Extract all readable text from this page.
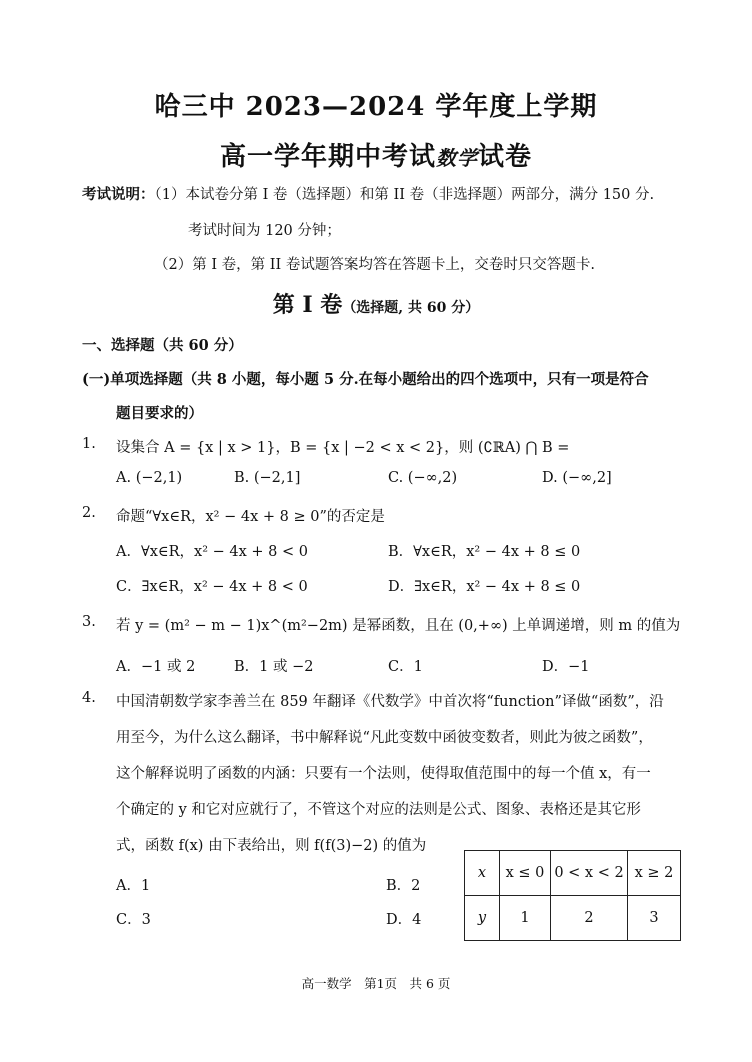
哈三中 2023—2024 学年度上学期
高一学年期中考试数学试卷
考试说明：（1）本试卷分第 I 卷（选择题）和第 II 卷（非选择题）两部分，满分 150 分.
考试时间为 120 分钟；
（2）第 I 卷，第 II 卷试题答案均答在答题卡上，交卷时只交答题卡.
第 I 卷（选择题, 共 60 分）
一、选择题（共 60 分）
(一)单项选择题（共 8 小题，每小题 5 分.在每小题给出的四个选项中，只有一项是符合
题目要求的）
1. 设集合 A = {x | x > 1}，B = {x | −2 < x < 2}，则 (∁ℝA) ⋂ B =
A. (−2,1)	B. (−2,1]	C. (−∞,2)	D. (−∞,2]
2. 命题“∀x∈R，x² − 4x + 8 ≥ 0”的否定是
A．∀x∈R，x² − 4x + 8 < 0	B．∀x∈R，x² − 4x + 8 ≤ 0
C．∃x∈R，x² − 4x + 8 < 0	D．∃x∈R，x² − 4x + 8 ≤ 0
3. 若 y = (m² − m − 1)x^(m²−2m) 是幂函数，且在 (0,+∞) 上单调递增，则 m 的值为
A．−1 或 2	B．1 或 −2	C．1	D．−1
4. 中国清朝数学家李善兰在 859 年翻译《代数学》中首次将“function”译做“函数”，沿
用至今，为什么这么翻译，书中解释说“凡此变数中函彼变数者，则此为彼之函数”，
这个解释说明了函数的内涵：只要有一个法则，使得取值范围中的每一个值 x，有一
个确定的 y 和它对应就行了，不管这个对应的法则是公式、图象、表格还是其它形
式，函数 f(x) 由下表给出，则 f(f(3)−2) 的值为
A．1	B．2
C．3	D．4
x	x ≤ 0	0 < x < 2	x ≥ 2
y	1	2	3
高一数学　第1页　共 6 页
